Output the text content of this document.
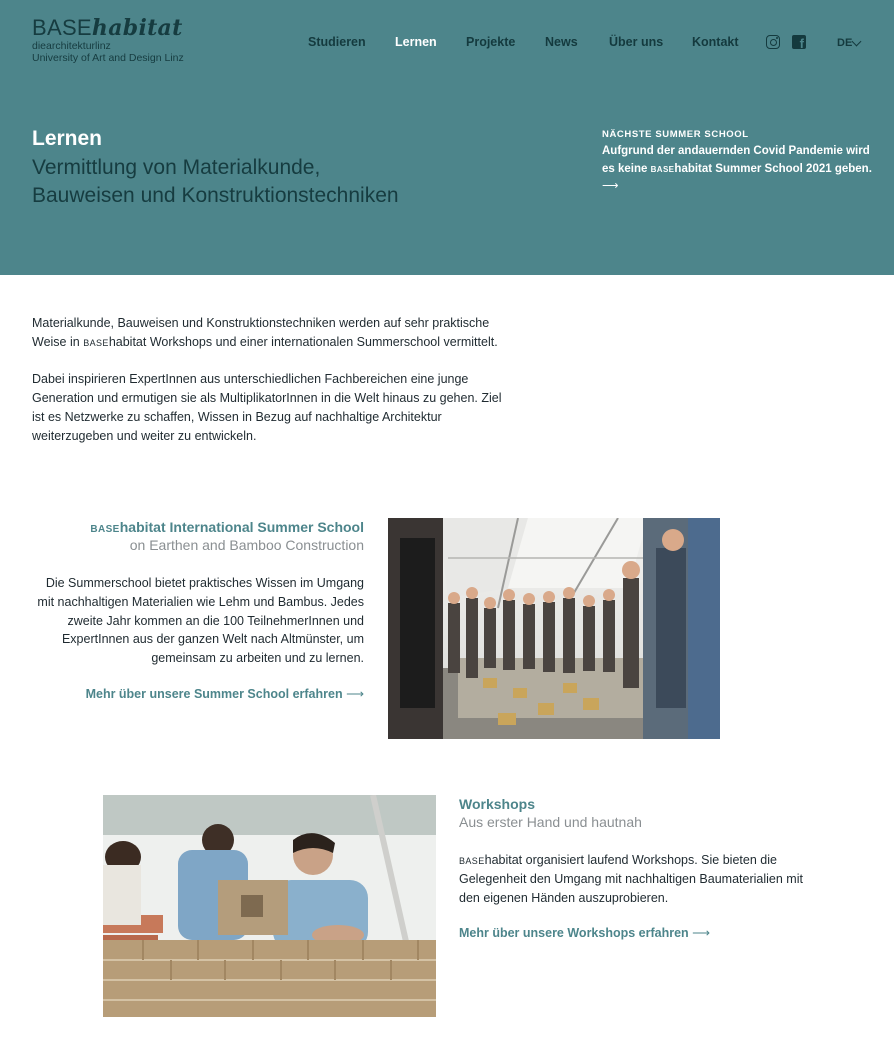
BASEhabitat
diearchitekturlinz
University of Art and Design Linz
Studieren Lernen Projekte News	Über uns Kontakt	f	DE
Lernen
Vermittlung von Materialkunde, Bauweisen und Konstruktionstechniken
NÄCHSTE SUMMER SCHOOL
Aufgrund der andauernden Covid Pandemie wird es keine basehabitat Summer School 2021 geben. ⟶

Materialkunde, Bauweisen und Konstruktionstechniken werden auf sehr praktische Weise in basehabitat Workshops und einer internationalen Summerschool vermittelt.

Dabei inspirieren ExpertInnen aus unterschiedlichen Fachbereichen eine junge Generation und ermutigen sie als MultiplikatorInnen in die Welt hinaus zu gehen. Ziel ist es Netzwerke zu schaffen, Wissen in Bezug auf nachhaltige Architektur weiterzugeben und weiter zu entwickeln.

basehabitat International Summer School
on Earthen and Bamboo Construction

Die Summerschool bietet praktisches Wissen im Umgang mit nachhaltigen Materialien wie Lehm und Bambus. Jedes zweite Jahr kommen an die 100 TeilnehmerInnen und ExpertInnen aus der ganzen Welt nach Altmünster, um gemeinsam zu arbeiten und zu lernen.

Mehr über unsere Summer School erfahren ⟶
Workshops
Aus erster Hand und hautnah

basehabitat organisiert laufend Workshops. Sie bieten die Gelegenheit den Umgang mit nachhaltigen Baumaterialien mit den eigenen Händen auszuprobieren.

Mehr über unsere Workshops erfahren ⟶
